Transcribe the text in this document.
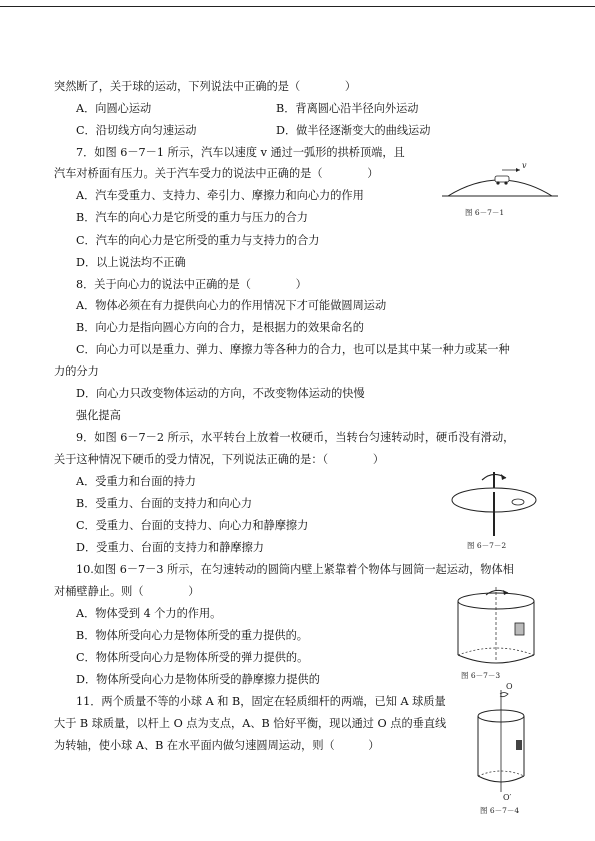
突然断了，关于球的运动，下列说法中正确的是（　　　　）
A．向圆心运动	B．背离圆心沿半径向外运动
C．沿切线方向匀速运动	D．做半径逐渐变大的曲线运动
7．如图 6－7－1 所示，汽车以速度 v 通过一弧形的拱桥顶端，且
汽车对桥面有压力。关于汽车受力的说法中正确的是（　　　　）
A．汽车受重力、支持力、牵引力、摩擦力和向心力的作用
B．汽车的向心力是它所受的重力与压力的合力
C．汽车的向心力是它所受的重力与支持力的合力
D．以上说法均不正确
8．关于向心力的说法中正确的是（　　　　）
A．物体必须在有力提供向心力的作用情况下才可能做圆周运动
B．向心力是指向圆心方向的合力，是根据力的效果命名的
C．向心力可以是重力、弹力、摩擦力等各种力的合力，也可以是其中某一种力或某一种
力的分力
D．向心力只改变物体运动的方向，不改变物体运动的快慢
强化提高
9．如图 6－7－2 所示，水平转台上放着一枚硬币，当转台匀速转动时，硬币没有滑动，
关于这种情况下硬币的受力情况，下列说法正确的是：（　　　　）
A．受重力和台面的持力
B．受重力、台面的支持力和向心力
C．受重力、台面的支持力、向心力和静摩擦力
D．受重力、台面的支持力和静摩擦力
10.如图 6－7－3 所示，在匀速转动的圆筒内壁上紧靠着个物体与圆筒一起运动，物体相
对桶壁静止。则（　　　　）
A．物体受到 4 个力的作用。
B．物体所受向心力是物体所受的重力提供的。
C．物体所受向心力是物体所受的弹力提供的。
D．物体所受向心力是物体所受的静摩擦力提供的
11．两个质量不等的小球 A 和 B，固定在轻质细杆的两端，已知 A 球质量
大于 B 球质量，以杆上 O 点为支点，A、B 恰好平衡，现以通过 O 点的垂直线
为转轴，使小球 A、B 在水平面内做匀速圆周运动，则（　　　）
v
图 6－7－1
图 6－7－2
图 6－7－3
O
O′
图 6－7－4
